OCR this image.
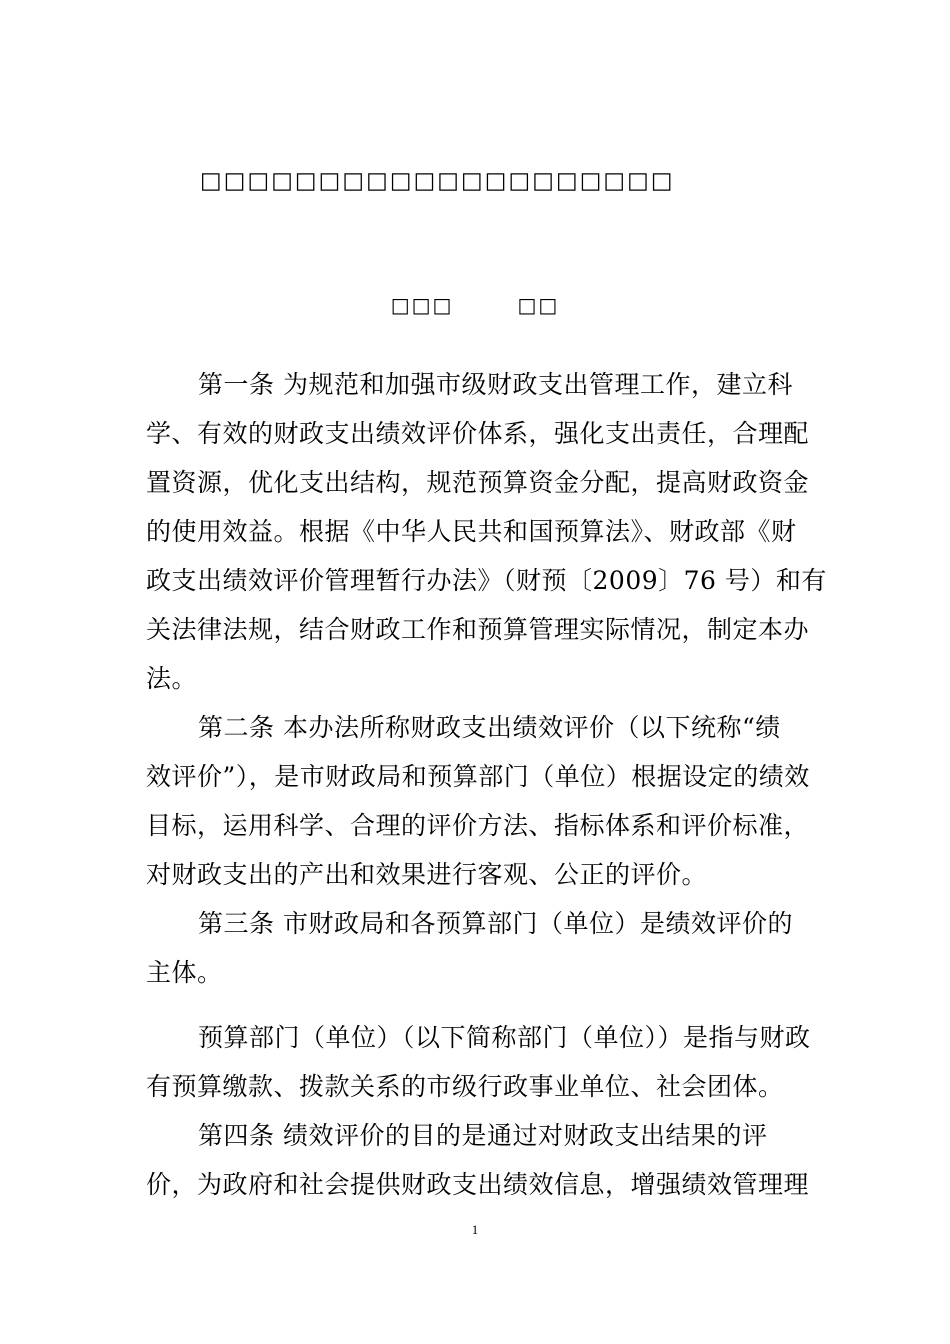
□□□□□□□□□□□□□□□□□□□□
□□□	□□
第一条 为规范和加强市级财政支出管理工作，建立科
学、有效的财政支出绩效评价体系，强化支出责任，合理配
置资源，优化支出结构，规范预算资金分配，提高财政资金
的使用效益。根据《中华人民共和国预算法》、财政部《财
政支出绩效评价管理暂行办法》（财预〔2009〕76 号）和有
关法律法规，结合财政工作和预算管理实际情况，制定本办
法。
第二条 本办法所称财政支出绩效评价（以下统称“绩
效评价”），是市财政局和预算部门（单位）根据设定的绩效
目标，运用科学、合理的评价方法、指标体系和评价标准，
对财政支出的产出和效果进行客观、公正的评价。
第三条 市财政局和各预算部门（单位）是绩效评价的
主体。
预算部门（单位）（以下简称部门（单位））是指与财政
有预算缴款、拨款关系的市级行政事业单位、社会团体。
第四条 绩效评价的目的是通过对财政支出结果的评
价，为政府和社会提供财政支出绩效信息，增强绩效管理理
1
